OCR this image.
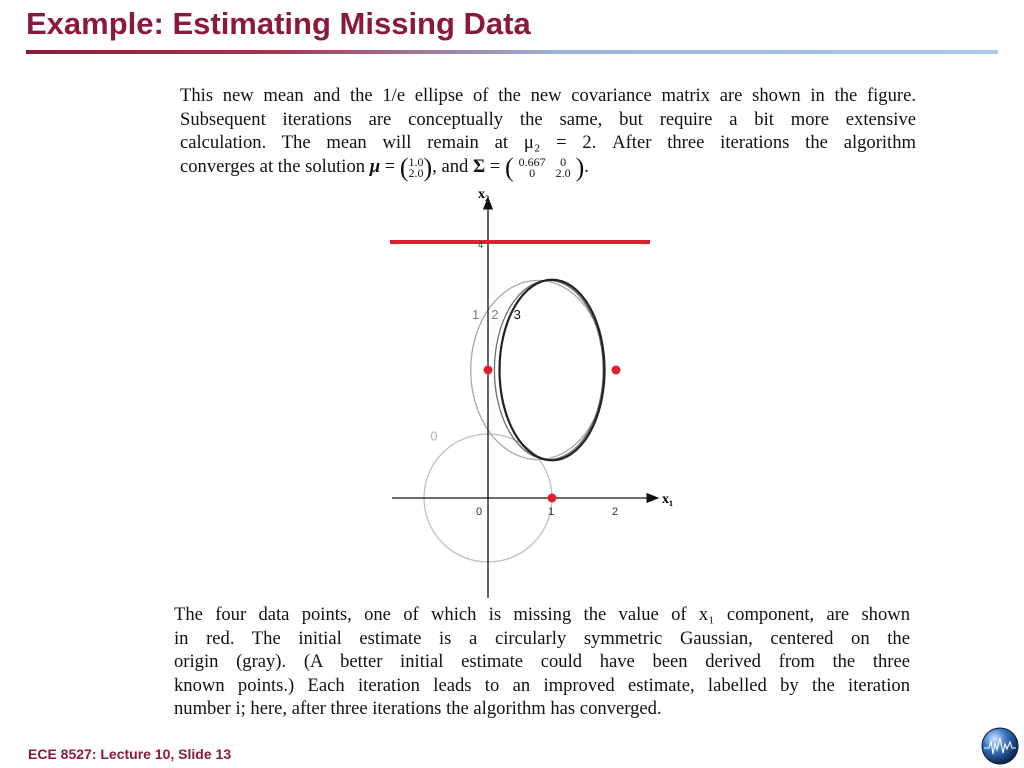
Example: Estimating Missing Data
This new mean and the 1/e ellipse of the new covariance matrix are shown in the figure.
Subsequent iterations are conceptually the same, but require a bit more extensive
calculation. The mean will remain at μ₂ = 2. After three iterations the algorithm
converges at the solution μ = (1.0
2.0), and Σ = ( 0.667	0
0	2.0 ).
x₁
x₂
0	1	2
4
0
1 2 3
The four data points, one of which is missing the value of x₁ component, are shown
in red. The initial estimate is a circularly symmetric Gaussian, centered on the
origin (gray). (A better initial estimate could have been derived from the three
known points.) Each iteration leads to an improved estimate, labelled by the iteration
number i; here, after three iterations the algorithm has converged.
ECE 8527: Lecture 10, Slide 13
